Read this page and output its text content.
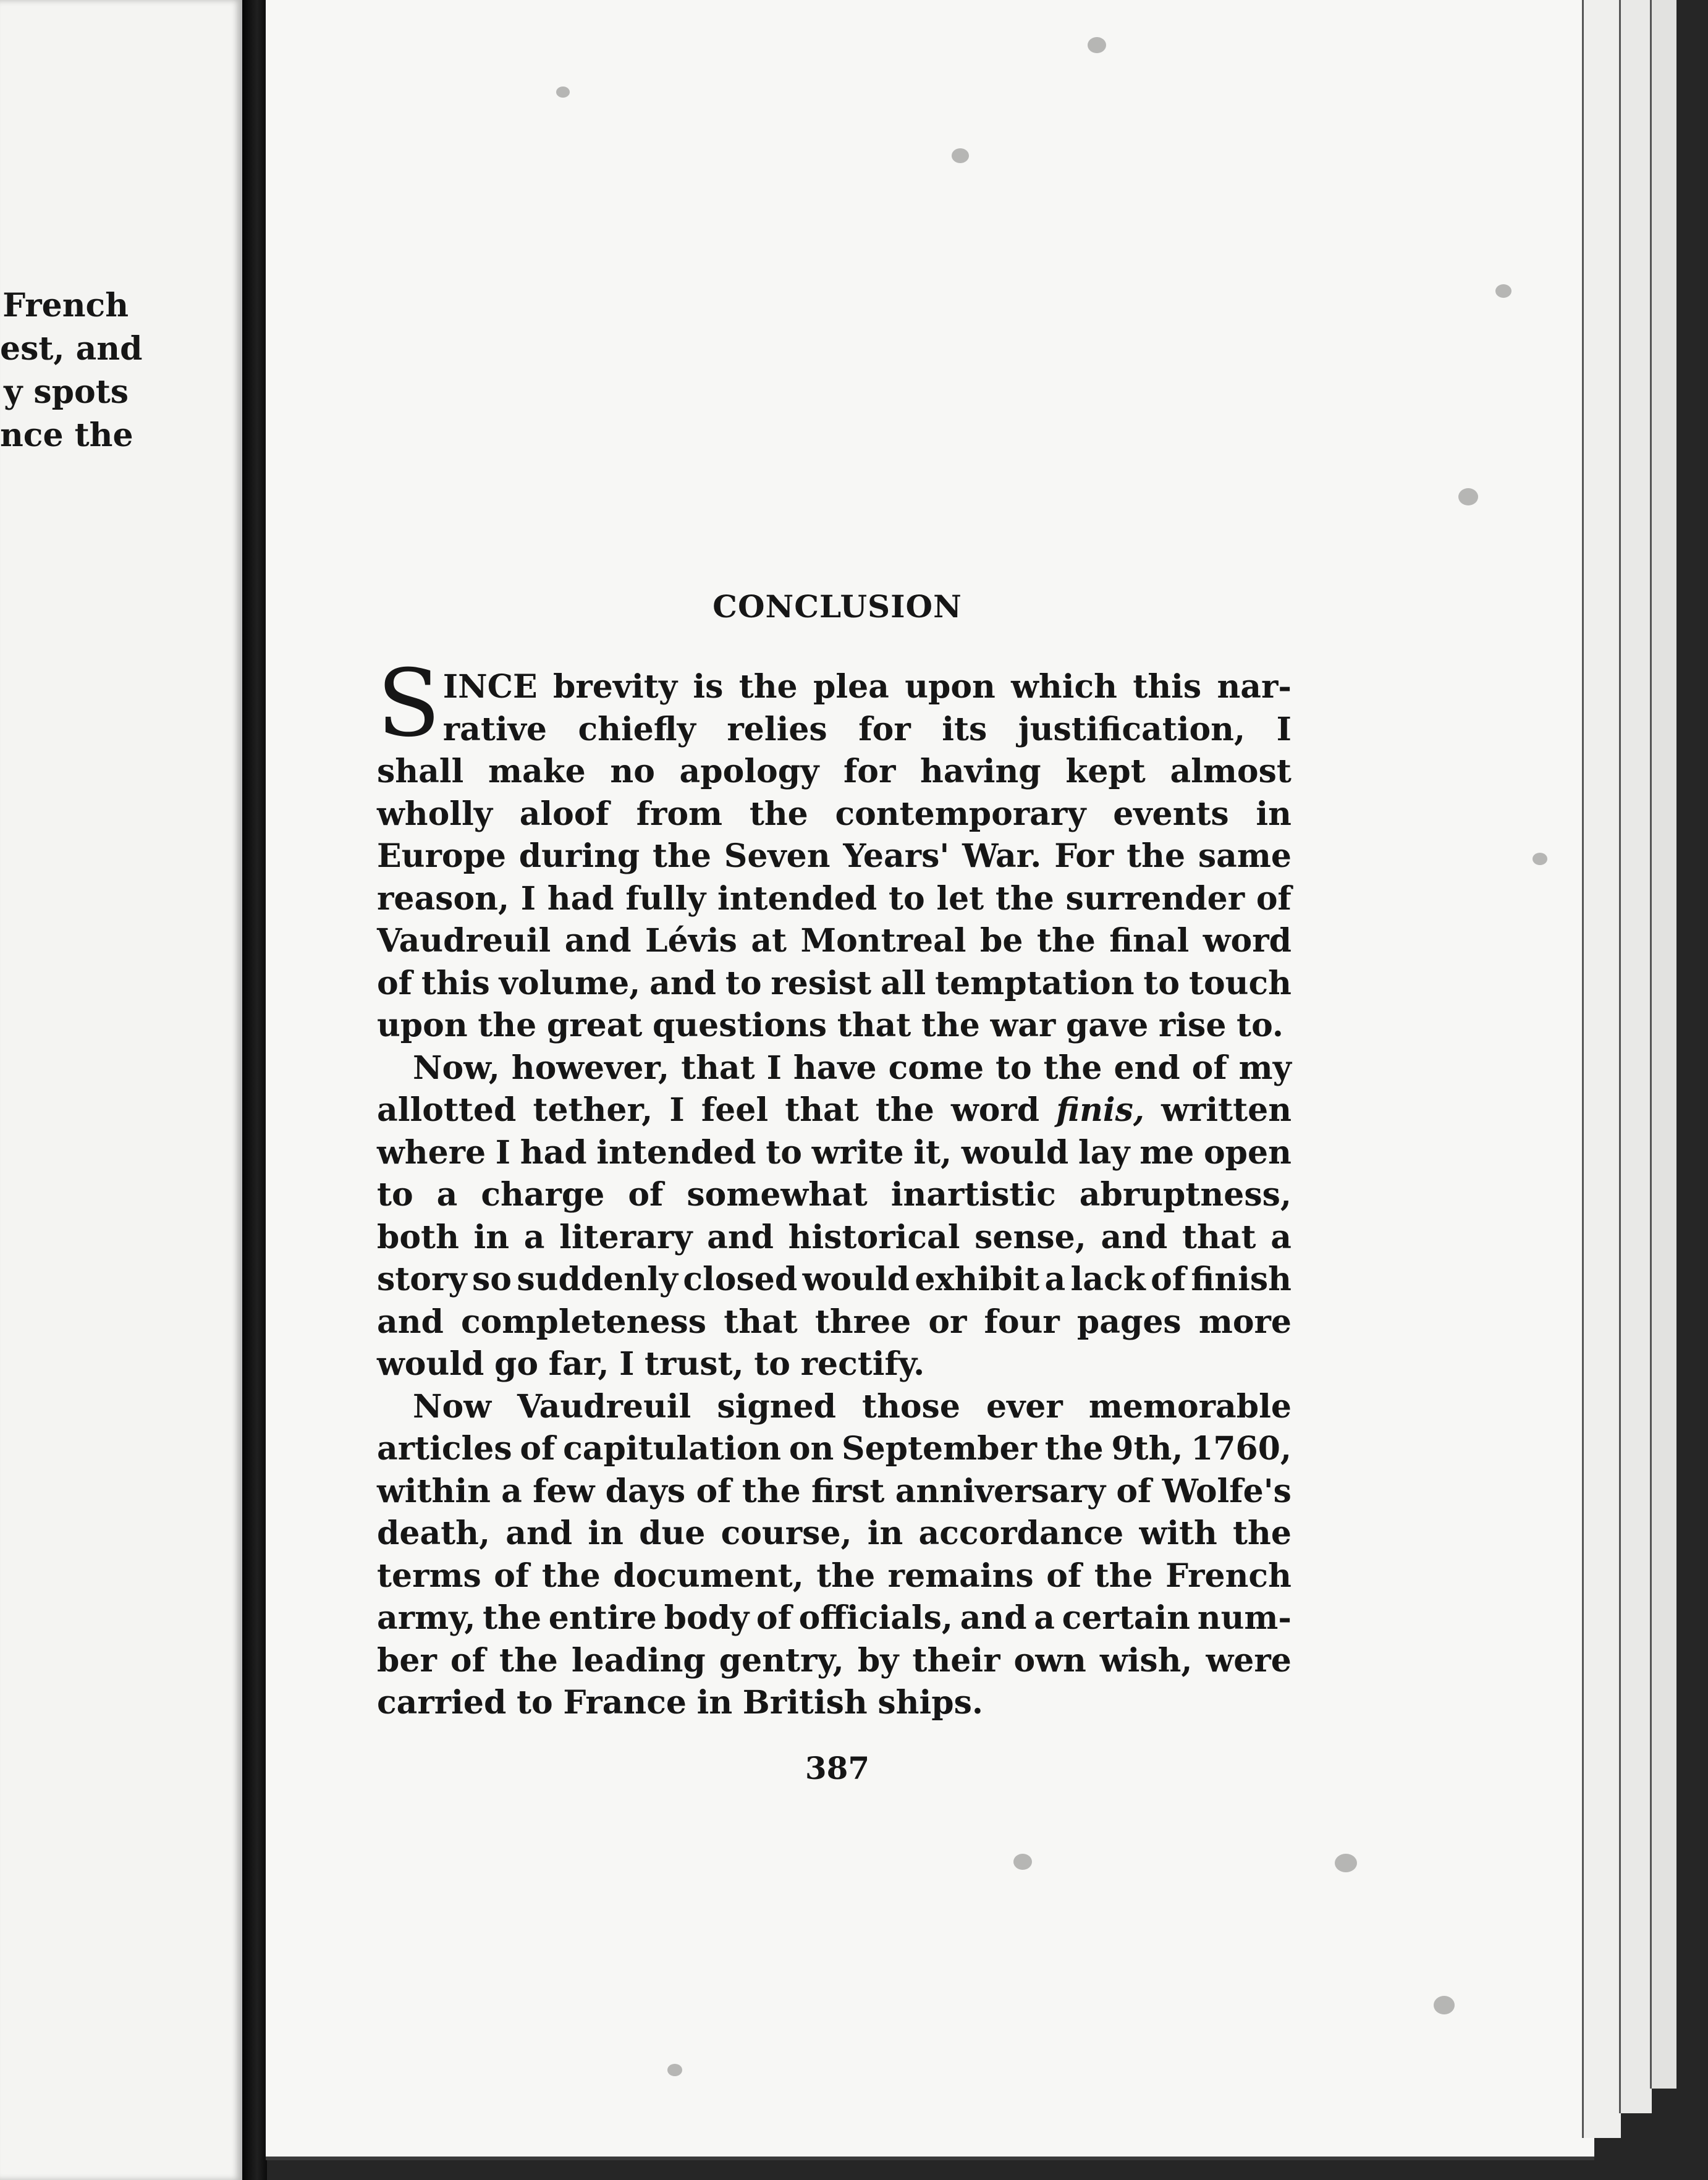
French
est, and
y spots
nce the
CONCLUSION
S INCE brevity is the plea upon which this nar-
rative chiefly relies for its justification, I
shall make no apology for having kept almost
wholly aloof from the contemporary events in
Europe during the Seven Years' War. For the same
reason, I had fully intended to let the surrender of
Vaudreuil and Lévis at Montreal be the final word
of this volume, and to resist all temptation to touch
upon the great questions that the war gave rise to.
Now, however, that I have come to the end of my
allotted tether, I feel that the word finis, written
where I had intended to write it, would lay me open
to a charge of somewhat inartistic abruptness,
both in a literary and historical sense, and that a
story so suddenly closed would exhibit a lack of finish
and completeness that three or four pages more
would go far, I trust, to rectify.
Now Vaudreuil signed those ever memorable
articles of capitulation on September the 9th, 1760,
within a few days of the first anniversary of Wolfe's
death, and in due course, in accordance with the
terms of the document, the remains of the French
army, the entire body of officials, and a certain num-
ber of the leading gentry, by their own wish, were
carried to France in British ships.
387
